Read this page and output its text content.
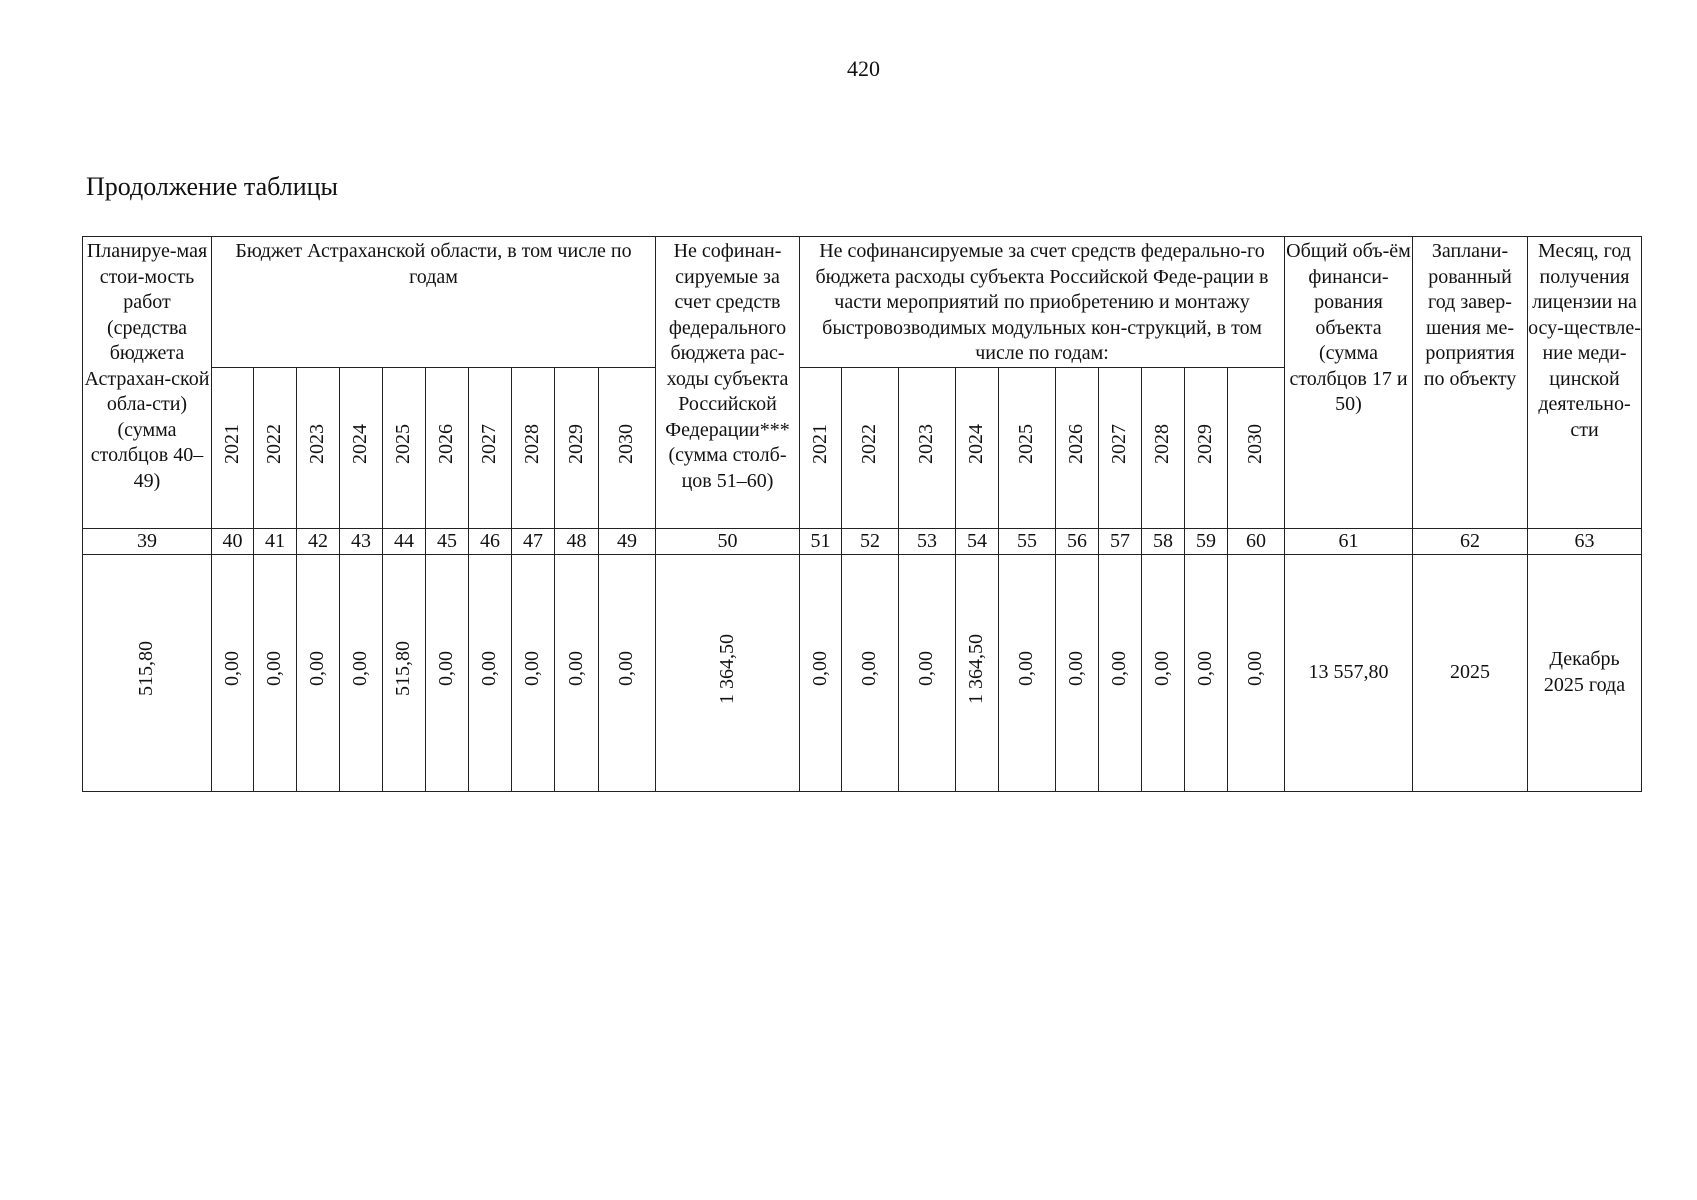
420
Продолжение таблицы
Планируе-мая стои-мость работ (средства бюджета Астрахан-ской обла-сти) (сумма столбцов 40–49)	Бюджет Астраханской области, в том числе по годам										Не софинан-сируемые за счет средств федерального бюджета рас-ходы субъекта Российской Федерации*** (сумма столб-цов 51–60)	Не софинансируемые за счет средств федерально-го бюджета расходы субъекта Российской Феде-рации в части мероприятий по приобретению и монтажу быстровозводимых модульных кон-струкций, в том числе по годам:										Общий объ-ём финанси-рования объекта (сумма столбцов 17 и 50)	Заплани-рованный год завер-шения ме-роприятия по объекту	Месяц, год получения лицензии на осу-ществле-ние меди-цинской деятельно-сти
	2021	2022	2023	2024	2025	2026	2027	2028	2029	2030		2021	2022	2023	2024	2025	2026	2027	2028	2029	2030			
39	40	41	42	43	44	45	46	47	48	49	50	51	52	53	54	55	56	57	58	59	60	61	62	63
515,80	0,00	0,00	0,00	0,00	515,80	0,00	0,00	0,00	0,00	0,00	1 364,50	0,00	0,00	0,00	1 364,50	0,00	0,00	0,00	0,00	0,00	0,00	13 557,80	2025	Декабрь 2025 года
